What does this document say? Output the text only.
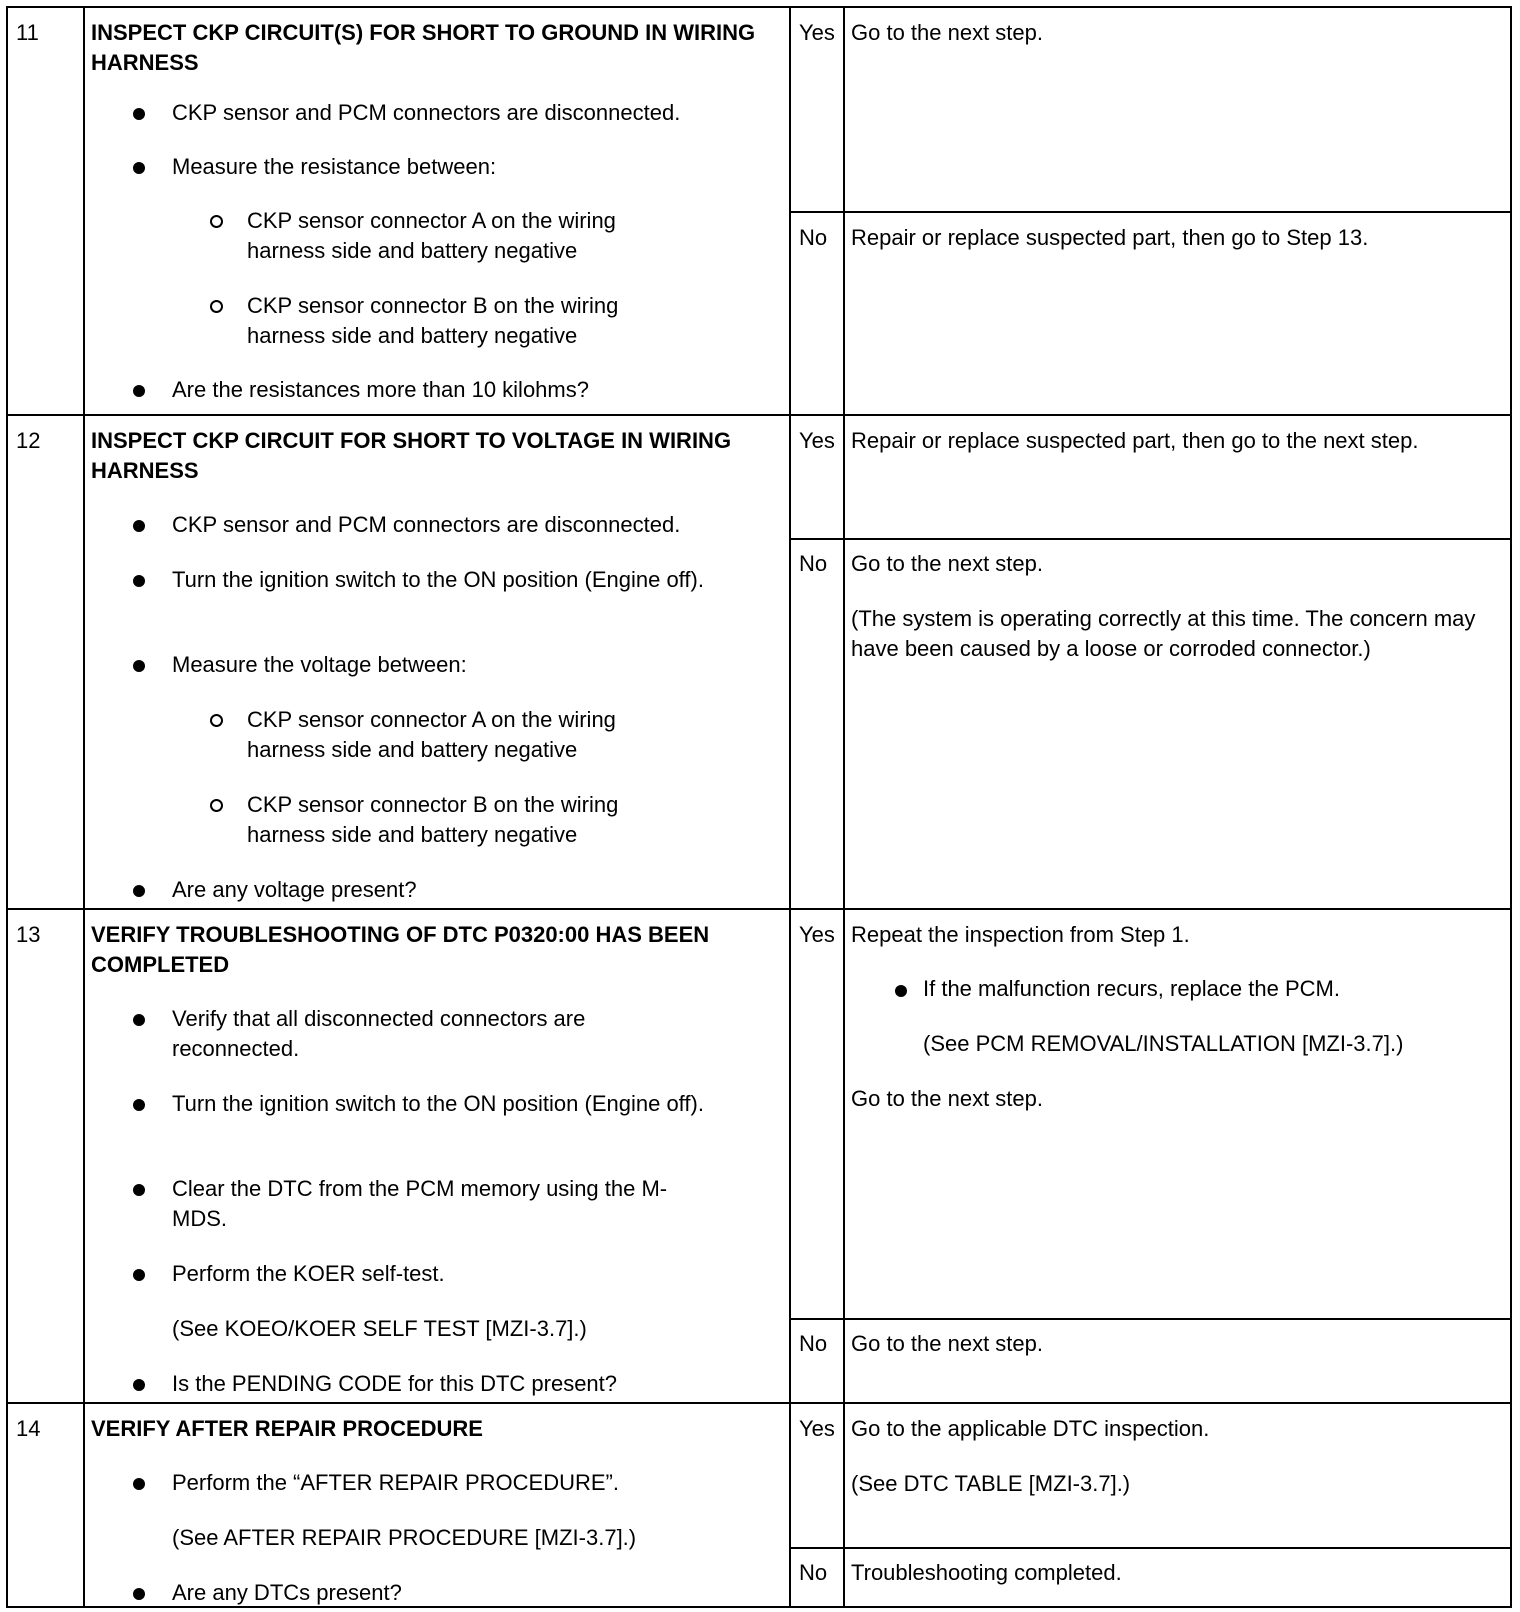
11 INSPECT CKP CIRCUIT(S) FOR SHORT TO GROUND IN WIRING HARNESS
CKP sensor and PCM connectors are disconnected.
Measure the resistance between:
CKP sensor connector A on the wiring harness side and battery negative
CKP sensor connector B on the wiring harness side and battery negative
Are the resistances more than 10 kilohms?
Yes
No
Go to the next step.
Repair or replace suspected part, then go to Step 13.
12 INSPECT CKP CIRCUIT FOR SHORT TO VOLTAGE IN WIRING HARNESS
CKP sensor and PCM connectors are disconnected.
Turn the ignition switch to the ON position (Engine off).
Measure the voltage between:
CKP sensor connector A on the wiring harness side and battery negative
CKP sensor connector B on the wiring harness side and battery negative
Are any voltage present?
Yes
No
Repair or replace suspected part, then go to the next step.
Go to the next step.
(The system is operating correctly at this time. The concern may have been caused by a loose or corroded connector.)
13 VERIFY TROUBLESHOOTING OF DTC P0320:00 HAS BEEN COMPLETED
Verify that all disconnected connectors are reconnected.
Turn the ignition switch to the ON position (Engine off).
Clear the DTC from the PCM memory using the M-MDS.
Perform the KOER self-test.
(See KOEO/KOER SELF TEST [MZI-3.7].)
Is the PENDING CODE for this DTC present?
Yes
No
Repeat the inspection from Step 1.
If the malfunction recurs, replace the PCM.
(See PCM REMOVAL/INSTALLATION [MZI-3.7].)
Go to the next step.
Go to the next step.
14 VERIFY AFTER REPAIR PROCEDURE
Perform the “AFTER REPAIR PROCEDURE”.
(See AFTER REPAIR PROCEDURE [MZI-3.7].)
Are any DTCs present?
Yes
No
Go to the applicable DTC inspection.
(See DTC TABLE [MZI-3.7].)
Troubleshooting completed.
